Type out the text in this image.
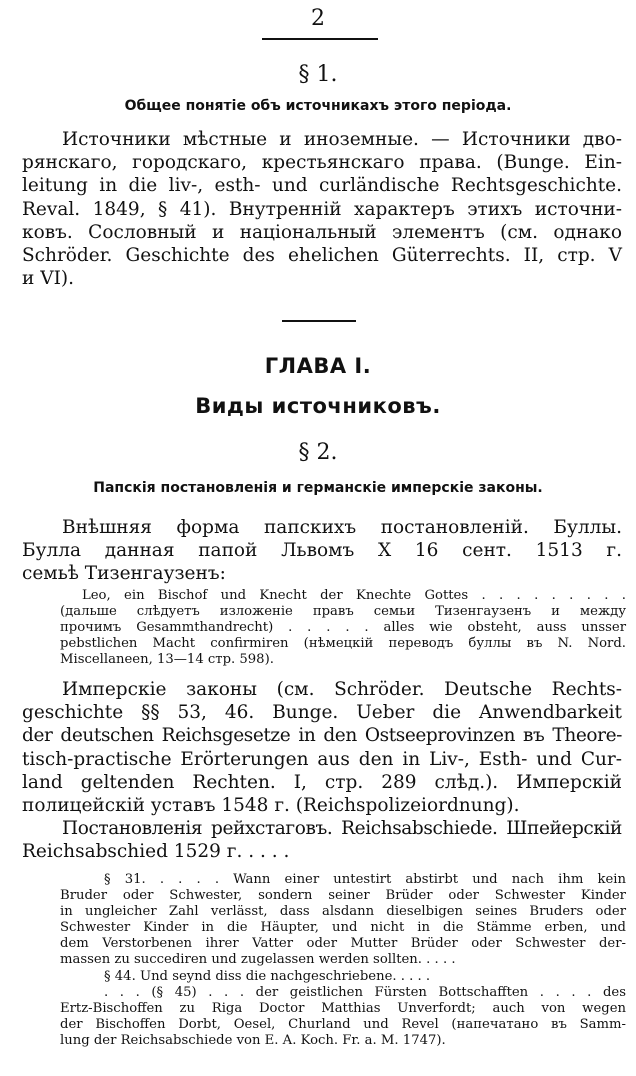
2
§ 1.
Общее понятіе объ источникахъ этого періода.
Источники мѣстные и иноземные. — Источники дво-
рянскаго, городскаго, крестьянскаго права. (Bunge. Ein-
leitung in die liv-, esth- und curländische Rechtsgeschichte.
Reval. 1849, § 41). Внутренній характеръ этихъ источни-
ковъ. Сословный и національный элементъ (см. однако
Schröder. Geschichte des ehelichen Güterrechts. II, стр. V
и VI).
ГЛАВА I.
Виды источниковъ.
§ 2.
Папскія постановленія и германскіе имперскіе законы.
Внѣшняя форма папскихъ постановленій. Буллы.
Булла данная папой Львомъ X 16 сент. 1513 г.
семьѣ Тизенгаузенъ:
Leo, ein Bischof und Knecht der Knechte Gottes . . . . . . . . .
(дальше слѣдуетъ изложеніе правъ семьи Тизенгаузенъ и между
прочимъ Gesammthandrecht) . . . . . alles wie obsteht, auss unsser
pebstlichen Macht confirmiren (нѣмецкій переводъ буллы въ N. Nord.
Miscellaneen, 13—14 стр. 598).
Имперскіе законы (см. Schröder. Deutsche Rechts-
geschichte §§ 53, 46. Bunge. Ueber die Anwendbarkeit
der deutschen Reichsgesetze in den Ostseeprovinzen въ Theore-
tisch-practische Erörterungen aus den in Liv-, Esth- und Cur-
land geltenden Rechten. I, стр. 289 слѣд.). Имперскій
полицейскій уставъ 1548 г. (Reichspolizeiordnung).
Постановленія рейхстаговъ. Reichsabschiede. Шпейерскій
Reichsabschied 1529 г. . . . .
§ 31. . . . . Wann einer untestirt abstirbt und nach ihm kein
Bruder oder Schwester, sondern seiner Brüder oder Schwester Kinder
in ungleicher Zahl verlässt, dass alsdann dieselbigen seines Bruders oder
Schwester Kinder in die Häupter, und nicht in die Stämme erben, und
dem Verstorbenen ihrer Vatter oder Mutter Brüder oder Schwester der-
massen zu succediren und zugelassen werden sollten. . . . .
§ 44. Und seynd diss die nachgeschriebene. . . . .
. . . (§ 45) . . . der geistlichen Fürsten Bottschafften . . . . des
Ertz-Bischoffen zu Riga Doctor Matthias Unverfordt; auch von wegen
der Bischoffen Dorbt, Oesel, Churland und Revel (напечатано въ Samm-
lung der Reichsabschiede von E. A. Koch. Fr. a. M. 1747).
